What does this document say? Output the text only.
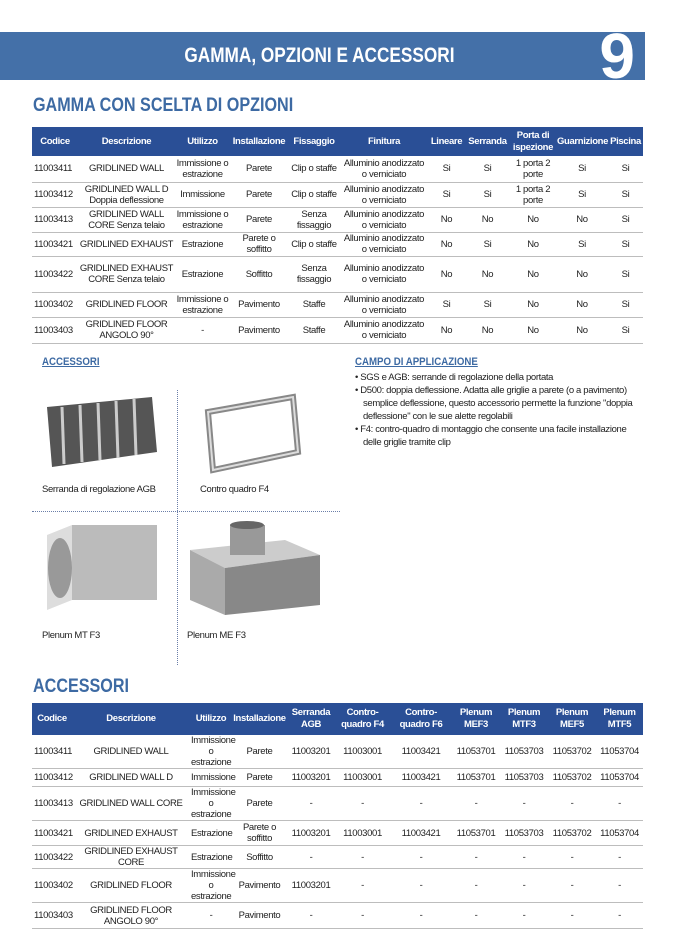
GAMMA, OPZIONI E ACCESSORI	9
GAMMA CON SCELTA DI OPZIONI
Codice	Descrizione	Utilizzo	Installazione	Fissaggio	Finitura	Lineare	Serranda	Porta di ispezione	Guarnizione	Piscina
11003411	GRIDLINED WALL	Immissione o estrazione	Parete	Clip o staffe	Alluminio anodizzato o verniciato	Si	Si	1 porta 2 porte	Si	Si
11003412	GRIDLINED WALL D Doppia deflessione	Immissione	Parete	Clip o staffe	Alluminio anodizzato o verniciato	Si	Si	1 porta 2 porte	Si	Si
11003413	GRIDLINED WALL CORE Senza telaio	Immissione o estrazione	Parete	Senza fissaggio	Alluminio anodizzato o verniciato	No	No	No	No	Si
11003421	GRIDLINED EXHAUST	Estrazione	Parete o soffitto	Clip o staffe	Alluminio anodizzato o verniciato	No	Si	No	Si	Si
11003422	GRIDLINED EXHAUST CORE Senza telaio	Estrazione	Soffitto	Senza fissaggio	Alluminio anodizzato o verniciato	No	No	No	No	Si
11003402	GRIDLINED FLOOR	Immissione o estrazione	Pavimento	Staffe	Alluminio anodizzato o verniciato	Si	Si	No	No	Si
11003403	GRIDLINED FLOOR ANGOLO 90°	-	Pavimento	Staffe	Alluminio anodizzato o verniciato	No	No	No	No	Si
ACCESSORI
Serranda di regolazione AGB	Contro quadro F4
Plenum MT F3	Plenum ME F3
CAMPO DI APPLICAZIONE
• SGS e AGB: serrande di regolazione della portata
• D500: doppia deflessione. Adatta alle griglie a parete (o a pavimento) semplice deflessione, questo accessorio permette la funzione "doppia deflessione" con le sue alette regolabili
• F4: contro-quadro di montaggio che consente una facile installazione delle griglie tramite clip
ACCESSORI
Codice	Descrizione	Utilizzo	Installazione	Serranda AGB	Contro-quadro F4	Contro-quadro F6	Plenum MEF3	Plenum MTF3	Plenum MEF5	Plenum MTF5
11003411	GRIDLINED WALL	Immissione o estrazione	Parete	11003201	11003001	11003421	11053701	11053703	11053702	11053704
11003412	GRIDLINED WALL D	Immissione	Parete	11003201	11003001	11003421	11053701	11053703	11053702	11053704
11003413	GRIDLINED WALL CORE	Immissione o estrazione	Parete	-	-	-	-	-	-	-
11003421	GRIDLINED EXHAUST	Estrazione	Parete o soffitto	11003201	11003001	11003421	11053701	11053703	11053702	11053704
11003422	GRIDLINED EXHAUST CORE	Estrazione	Soffitto	-	-	-	-	-	-	-
11003402	GRIDLINED FLOOR	Immissione o estrazione	Pavimento	11003201	-	-	-	-	-	-
11003403	GRIDLINED FLOOR ANGOLO 90°	-	Pavimento	-	-	-	-	-	-	-
